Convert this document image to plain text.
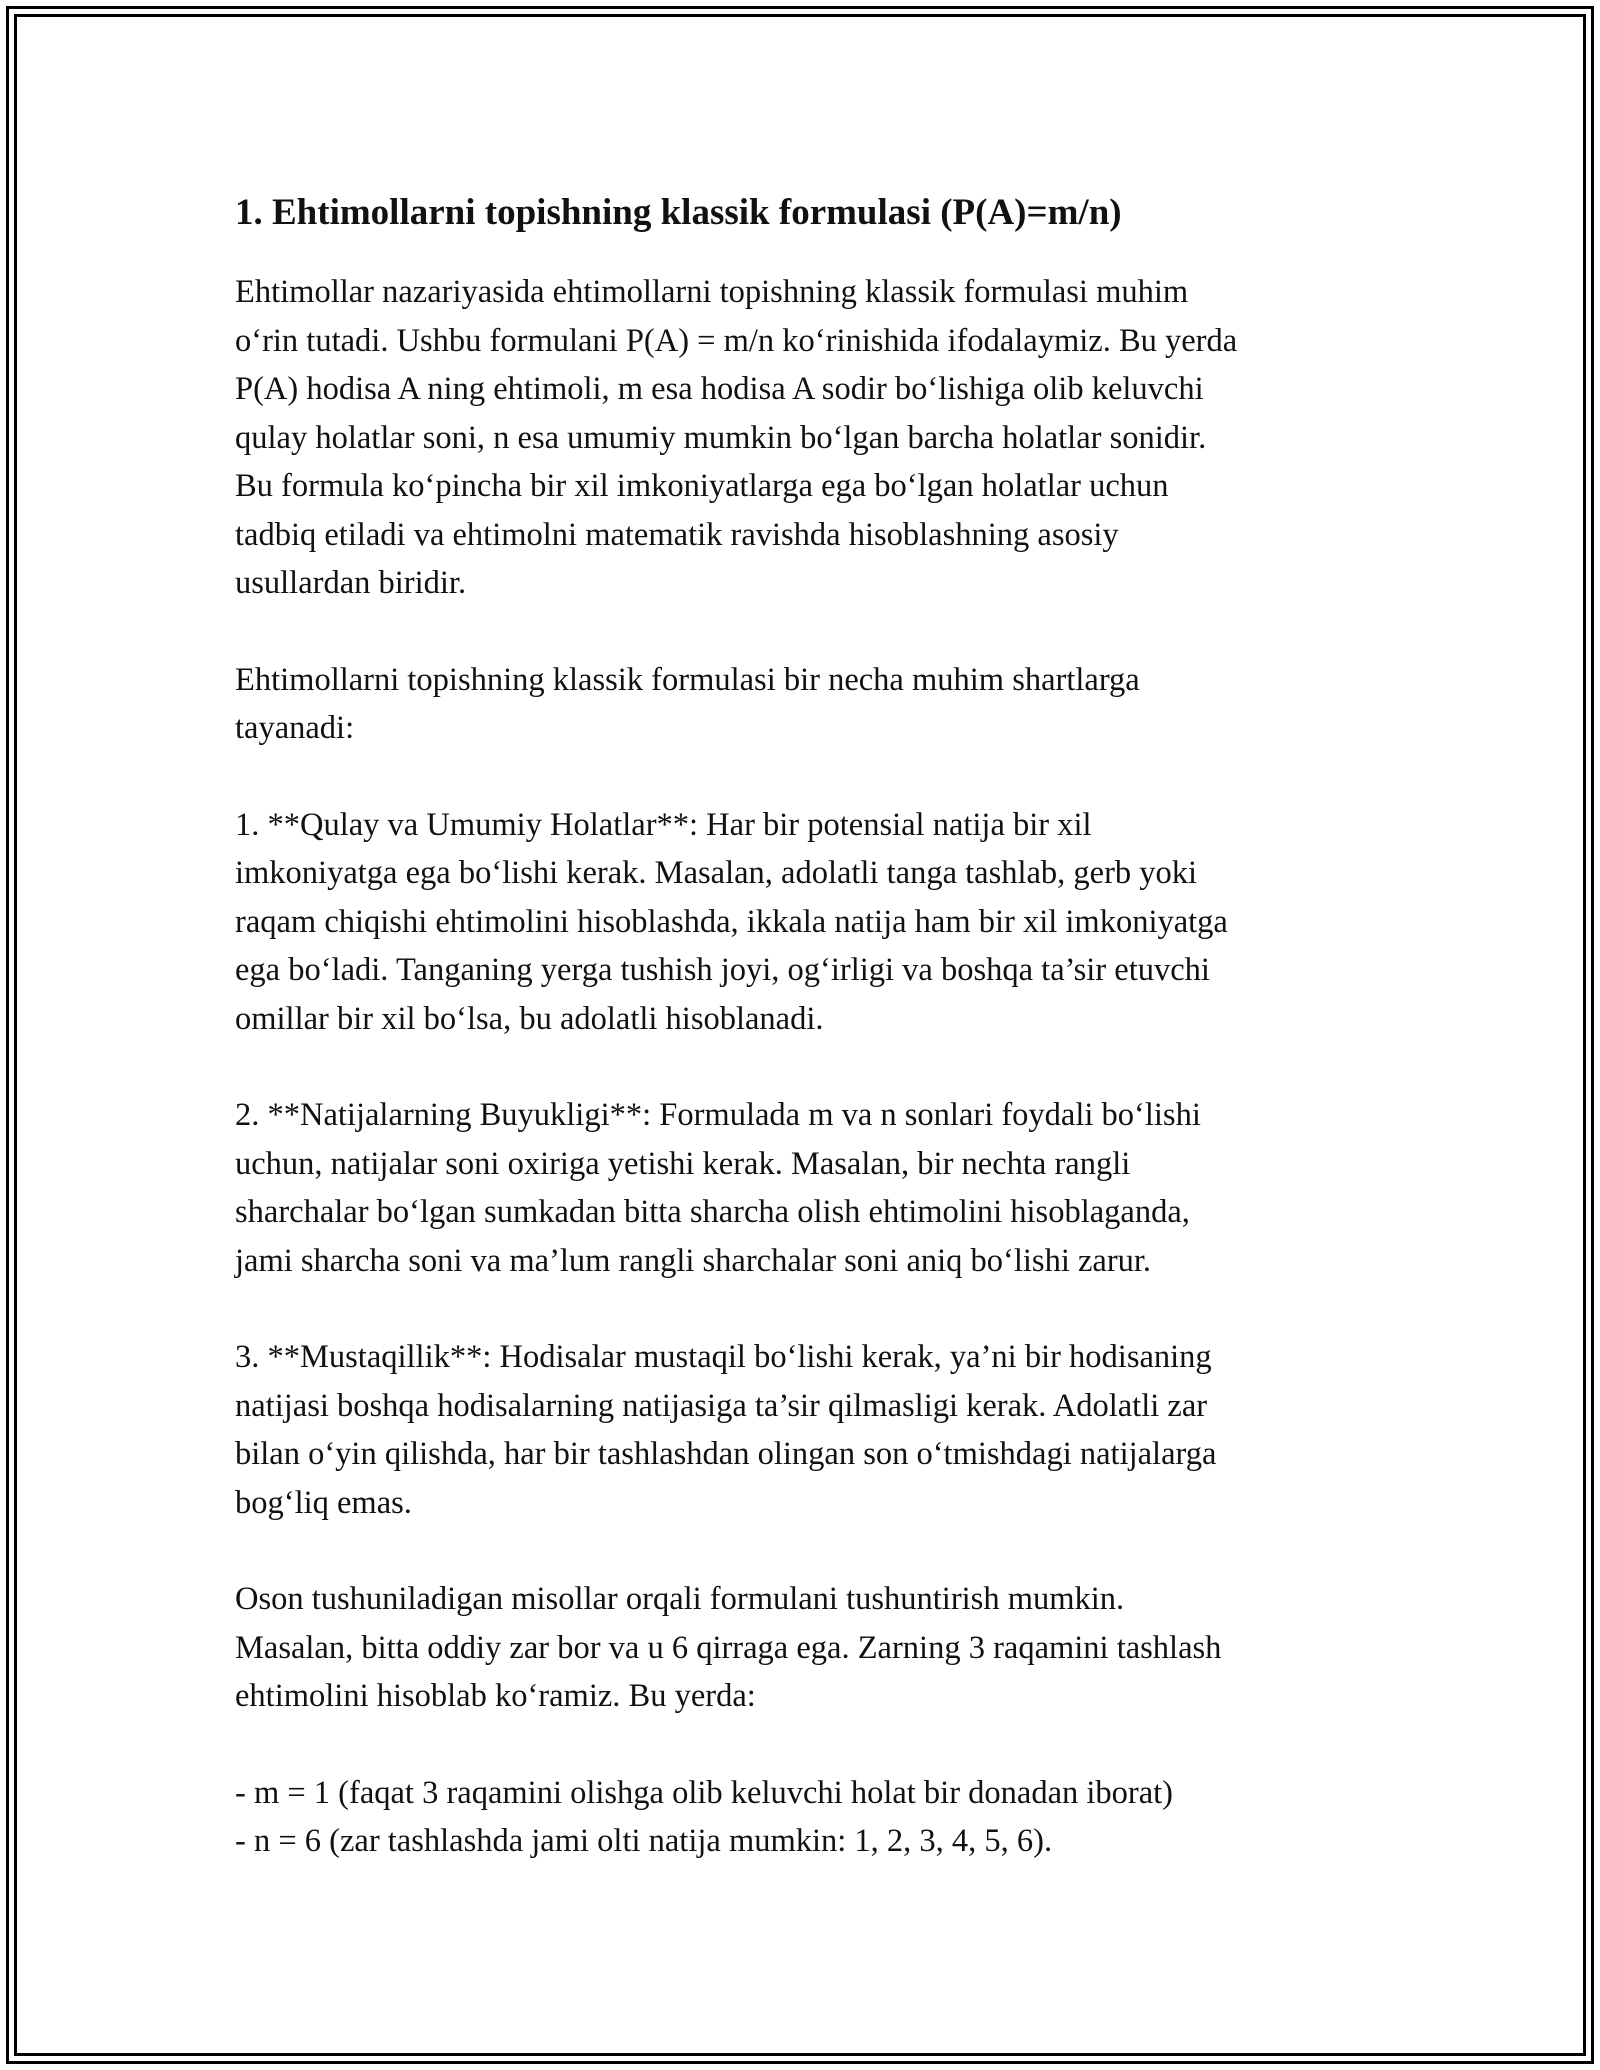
1. Ehtimollarni topishning klassik formulasi (P(A)=m/n)

Ehtimollar nazariyasida ehtimollarni topishning klassik formulasi muhim
o‘rin tutadi. Ushbu formulani P(A) = m/n ko‘rinishida ifodalaymiz. Bu yerda
P(A) hodisa A ning ehtimoli, m esa hodisa A sodir bo‘lishiga olib keluvchi
qulay holatlar soni, n esa umumiy mumkin bo‘lgan barcha holatlar sonidir.
Bu formula ko‘pincha bir xil imkoniyatlarga ega bo‘lgan holatlar uchun
tadbiq etiladi va ehtimolni matematik ravishda hisoblashning asosiy
usullardan biridir.

Ehtimollarni topishning klassik formulasi bir necha muhim shartlarga
tayanadi:

1. **Qulay va Umumiy Holatlar**: Har bir potensial natija bir xil
imkoniyatga ega bo‘lishi kerak. Masalan, adolatli tanga tashlab, gerb yoki
raqam chiqishi ehtimolini hisoblashda, ikkala natija ham bir xil imkoniyatga
ega bo‘ladi. Tanganing yerga tushish joyi, og‘irligi va boshqa ta’sir etuvchi
omillar bir xil bo‘lsa, bu adolatli hisoblanadi.

2. **Natijalarning Buyukligi**: Formulada m va n sonlari foydali bo‘lishi
uchun, natijalar soni oxiriga yetishi kerak. Masalan, bir nechta rangli
sharchalar bo‘lgan sumkadan bitta sharcha olish ehtimolini hisoblaganda,
jami sharcha soni va ma’lum rangli sharchalar soni aniq bo‘lishi zarur.

3. **Mustaqillik**: Hodisalar mustaqil bo‘lishi kerak, ya’ni bir hodisaning
natijasi boshqa hodisalarning natijasiga ta’sir qilmasligi kerak. Adolatli zar
bilan o‘yin qilishda, har bir tashlashdan olingan son o‘tmishdagi natijalarga
bog‘liq emas.

Oson tushuniladigan misollar orqali formulani tushuntirish mumkin.
Masalan, bitta oddiy zar bor va u 6 qirraga ega. Zarning 3 raqamini tashlash
ehtimolini hisoblab ko‘ramiz. Bu yerda:

- m = 1 (faqat 3 raqamini olishga olib keluvchi holat bir donadan iborat)
- n = 6 (zar tashlashda jami olti natija mumkin: 1, 2, 3, 4, 5, 6).
